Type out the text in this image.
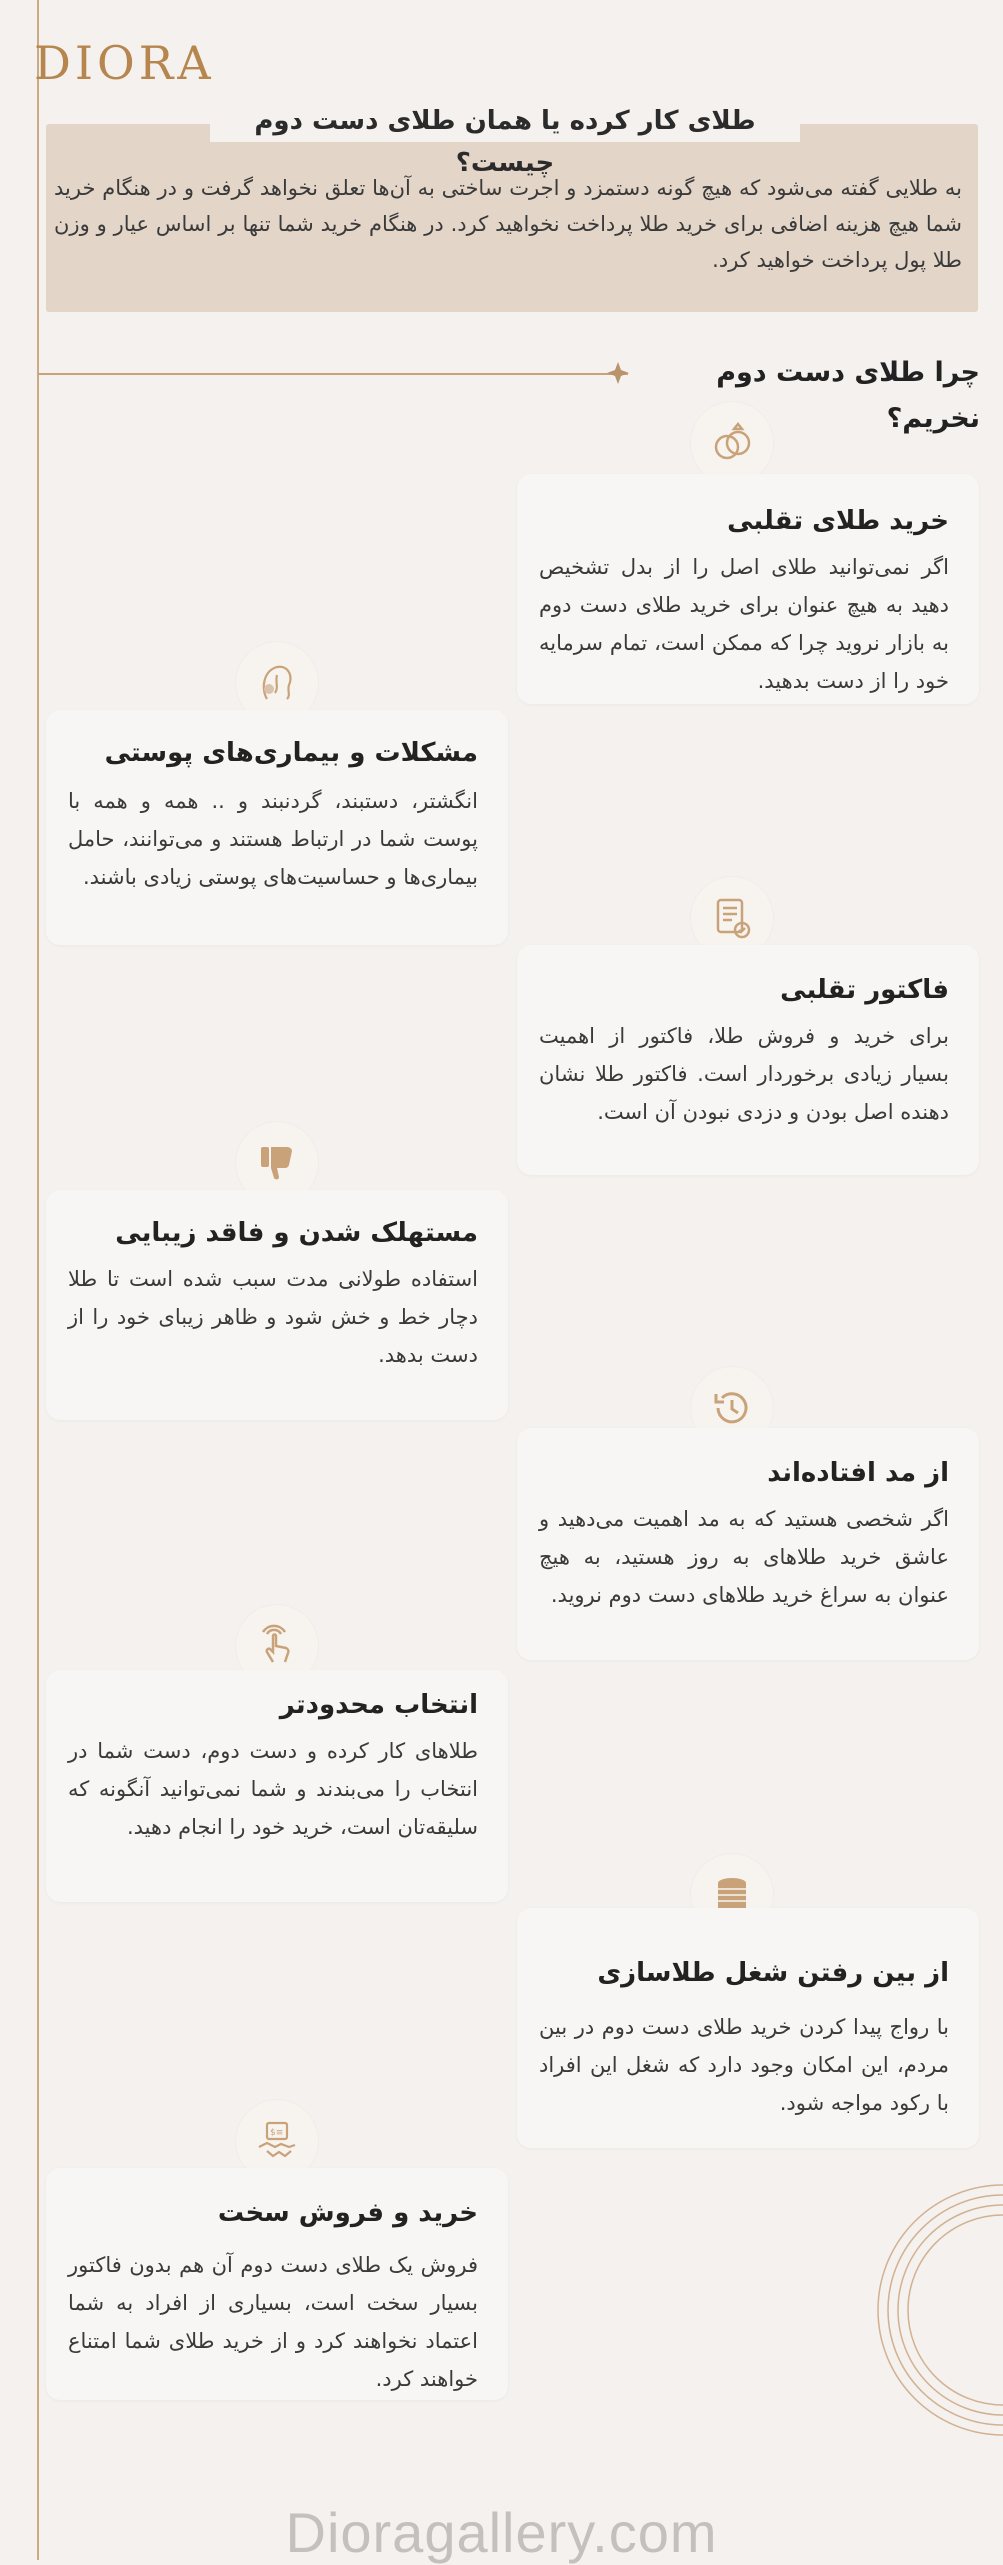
DIORA
طلای کار کرده یا همان طلای دست دوم چیست؟
به طلایی گفته می‌شود که هیچ گونه دستمزد و اجرت ساختی به آن‌ها تعلق نخواهد گرفت و در هنگام خرید شما هیچ هزینه اضافی برای خرید طلا پرداخت نخواهید کرد. در هنگام خرید شما تنها بر اساس عیار و وزن طلا پول پرداخت خواهید کرد.
چرا طلای دست دوم نخریم؟
خرید طلای تقلبی

اگر نمی‌توانید طلای اصل را از بدل تشخیص دهید به هیچ عنوان برای خرید طلای دست دوم به بازار نروید چرا که ممکن است، تمام سرمایه خود را از دست بدهید.

مشکلات و بیماری‌های پوستی

انگشتر، دستبند، گردنبند و .. همه و همه با پوست شما در ارتباط هستند و می‌توانند، حامل بیماری‌ها و حساسیت‌های پوستی زیادی باشند.

فاکتور تقلبی

برای خرید و فروش طلا، فاکتور از اهمیت بسیار زیادی برخوردار است. فاکتور طلا نشان دهنده اصل بودن و دزدی نبودن آن است.

مستهلک شدن و فاقد زیبایی

استفاده طولانی مدت سبب شده است تا طلا دچار خط و خش شود و ظاهر زیبای خود را از دست بدهد.

از مد افتاده‌اند

اگر شخصی هستید که به مد اهمیت می‌دهید و عاشق خرید طلاهای به روز هستید، به هیچ عنوان به سراغ خرید طلاهای دست دوم نروید.

انتخاب محدودتر

طلاهای کار کرده و دست دوم، دست شما در انتخاب را می‌بندند و شما نمی‌توانید آنگونه که سلیقه‌تان است، خرید خود را انجام دهید.

از بین رفتن شغل طلاسازی

با رواج پیدا کردن خرید طلای دست دوم در بین مردم، این امکان وجود دارد که شغل این افراد با رکود مواجه شود.

$≡
خرید و فروش سخت

فروش یک طلای دست دوم آن هم بدون فاکتور بسیار سخت است، بسیاری از افراد به شما اعتماد نخواهند کرد و از خرید طلای شما امتناع خواهند کرد.

Dioragallery.com
